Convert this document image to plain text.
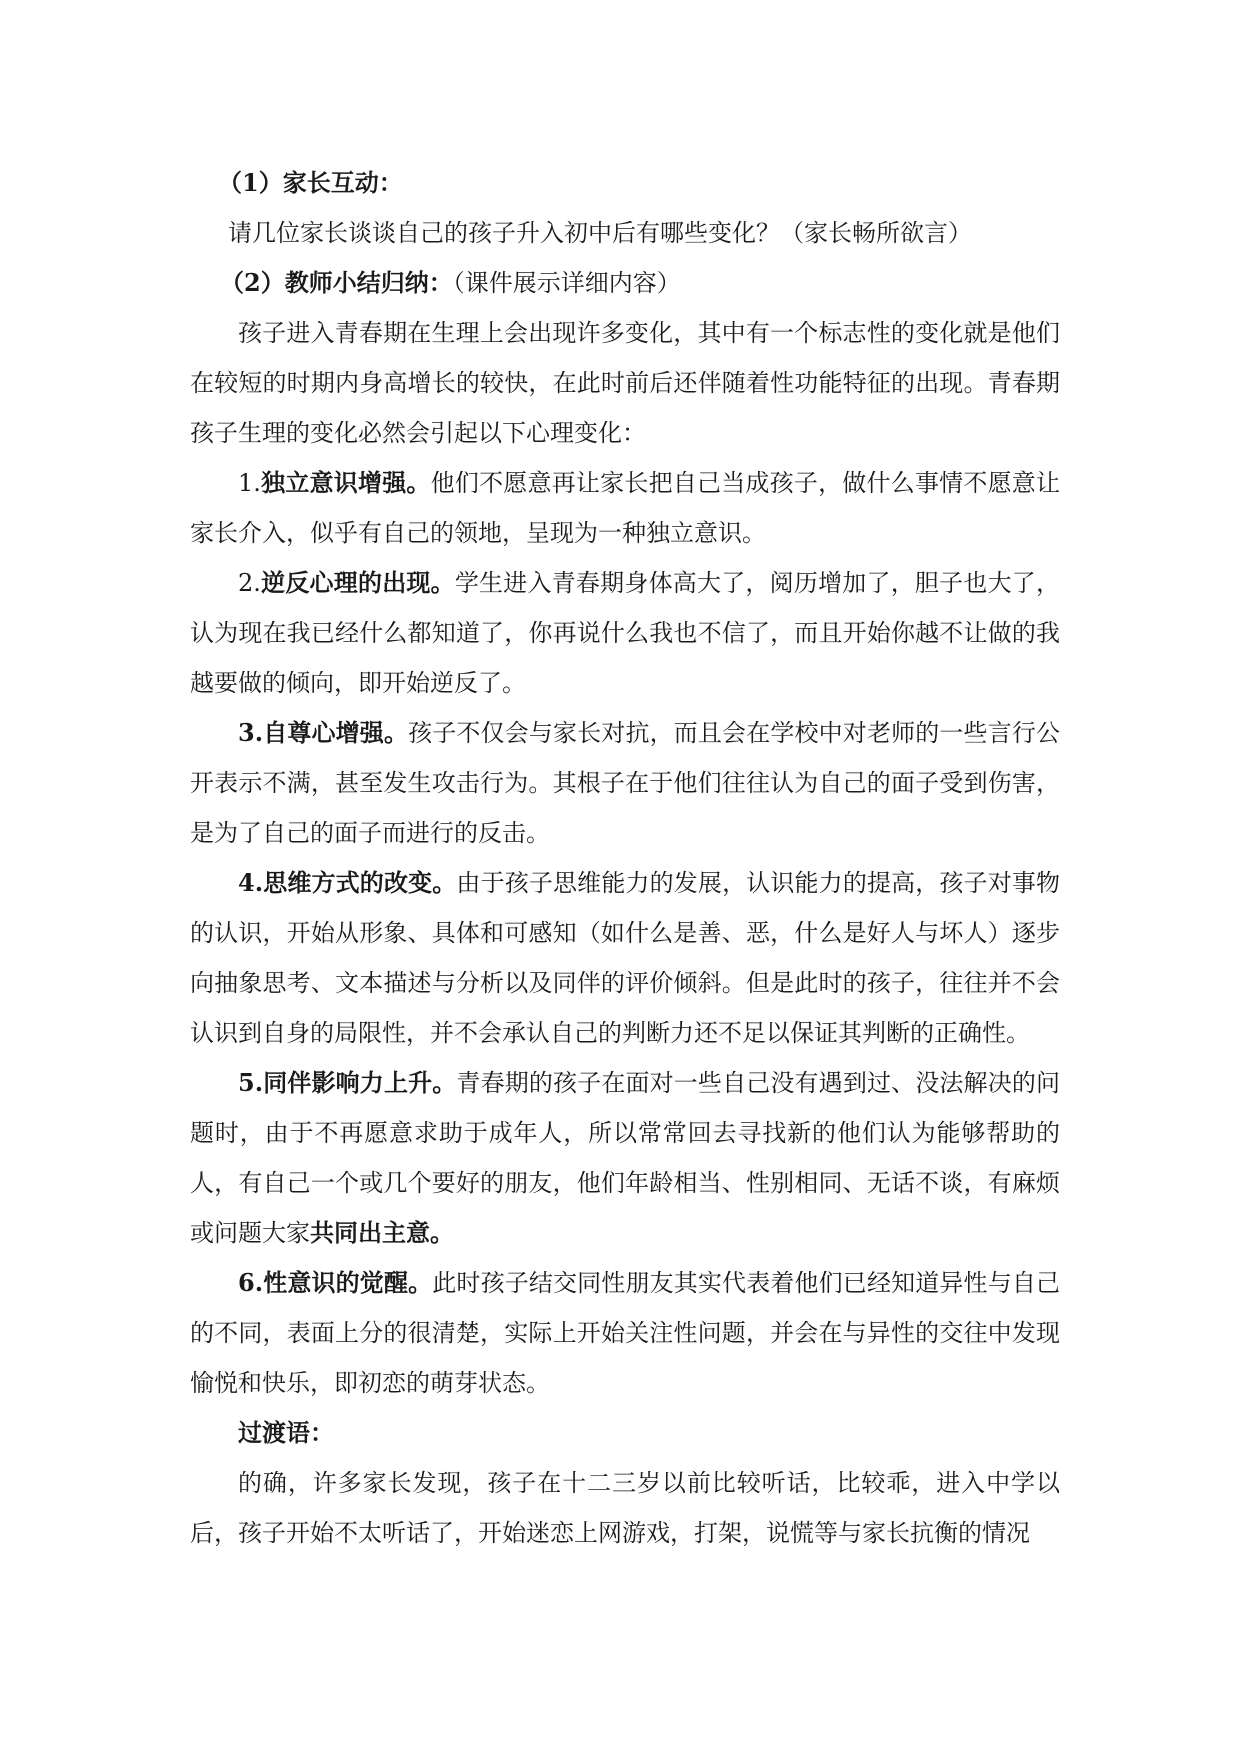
（1）家长互动：

请几位家长谈谈自己的孩子升入初中后有哪些变化？（家长畅所欲言）

（2）教师小结归纳：（课件展示详细内容）

孩子进入青春期在生理上会出现许多变化，其中有一个标志性的变化就是他们在较短的时期内身高增长的较快，在此时前后还伴随着性功能特征的出现。青春期孩子生理的变化必然会引起以下心理变化：

1.独立意识增强。他们不愿意再让家长把自己当成孩子，做什么事情不愿意让家长介入，似乎有自己的领地，呈现为一种独立意识。

2.逆反心理的出现。学生进入青春期身体高大了，阅历增加了，胆子也大了，认为现在我已经什么都知道了，你再说什么我也不信了，而且开始你越不让做的我越要做的倾向，即开始逆反了。

3.自尊心增强。孩子不仅会与家长对抗，而且会在学校中对老师的一些言行公开表示不满，甚至发生攻击行为。其根子在于他们往往认为自己的面子受到伤害，是为了自己的面子而进行的反击。

4.思维方式的改变。由于孩子思维能力的发展，认识能力的提高，孩子对事物的认识，开始从形象、具体和可感知（如什么是善、恶，什么是好人与坏人）逐步向抽象思考、文本描述与分析以及同伴的评价倾斜。但是此时的孩子，往往并不会认识到自身的局限性，并不会承认自己的判断力还不足以保证其判断的正确性。

5.同伴影响力上升。青春期的孩子在面对一些自己没有遇到过、没法解决的问题时，由于不再愿意求助于成年人，所以常常回去寻找新的他们认为能够帮助的人，有自己一个或几个要好的朋友，他们年龄相当、性别相同、无话不谈，有麻烦或问题大家共同出主意。

6.性意识的觉醒。此时孩子结交同性朋友其实代表着他们已经知道异性与自己的不同，表面上分的很清楚，实际上开始关注性问题，并会在与异性的交往中发现愉悦和快乐，即初恋的萌芽状态。

过渡语：

的确，许多家长发现，孩子在十二三岁以前比较听话，比较乖，进入中学以后，孩子开始不太听话了，开始迷恋上网游戏，打架，说慌等与家长抗衡的情况
